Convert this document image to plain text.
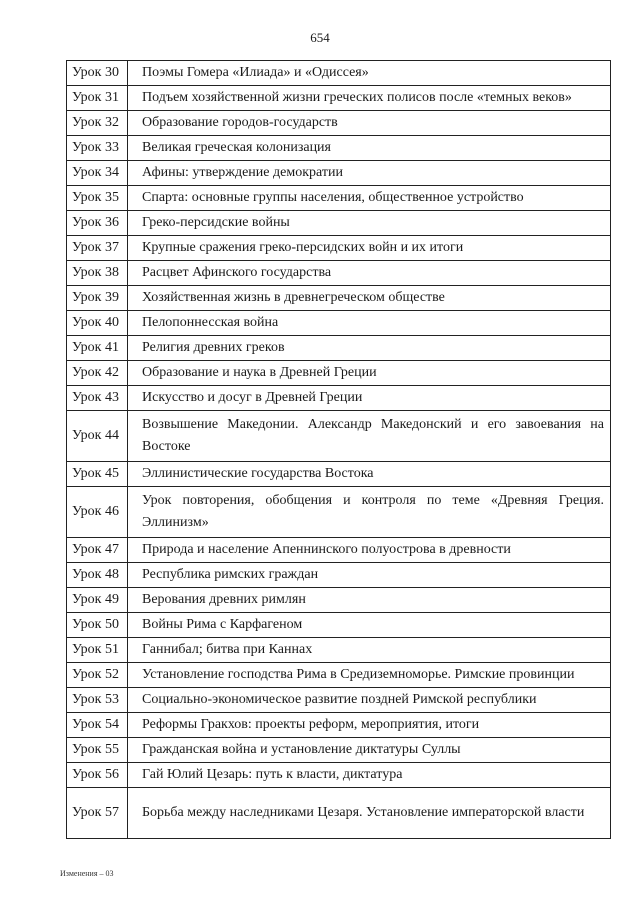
654
Урок 30	Поэмы Гомера «Илиада» и «Одиссея»
Урок 31	Подъем хозяйственной жизни греческих полисов после «темных веков»
Урок 32	Образование городов-государств
Урок 33	Великая греческая колонизация
Урок 34	Афины: утверждение демократии
Урок 35	Спарта: основные группы населения, общественное устройство
Урок 36	Греко-персидские войны
Урок 37	Крупные сражения греко-персидских войн и их итоги
Урок 38	Расцвет Афинского государства
Урок 39	Хозяйственная жизнь в древнегреческом обществе
Урок 40	Пелопоннесская война
Урок 41	Религия древних греков
Урок 42	Образование и наука в Древней Греции
Урок 43	Искусство и досуг в Древней Греции
Урок 44	Возвышение Македонии. Александр Македонский и его завоевания на Востоке
Урок 45	Эллинистические государства Востока
Урок 46	Урок повторения, обобщения и контроля по теме «Древняя Греция. Эллинизм»
Урок 47	Природа и население Апеннинского полуострова в древности
Урок 48	Республика римских граждан
Урок 49	Верования древних римлян
Урок 50	Войны Рима с Карфагеном
Урок 51	Ганнибал; битва при Каннах
Урок 52	Установление господства Рима в Средиземноморье. Римские провинции
Урок 53	Социально-экономическое развитие поздней Римской республики
Урок 54	Реформы Гракхов: проекты реформ, мероприятия, итоги
Урок 55	Гражданская война и установление диктатуры Суллы
Урок 56	Гай Юлий Цезарь: путь к власти, диктатура
Урок 57	Борьба между наследниками Цезаря. Установление императорской власти
Изменения – 03
